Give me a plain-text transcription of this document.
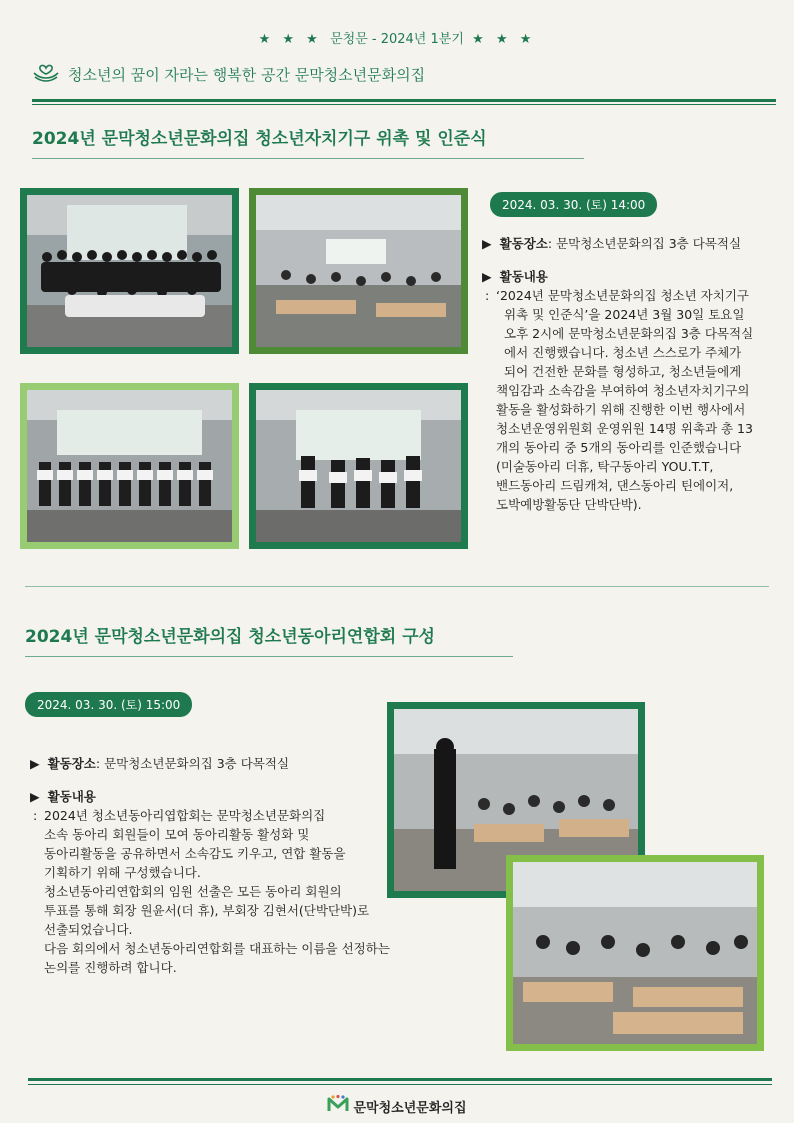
★ ★ ★ 문청문 - 2024년 1분기 ★ ★ ★
청소년의 꿈이 자라는 행복한 공간 문막청소년문화의집
2024년 문막청소년문화의집 청소년자치기구 위촉 및 인준식
2024. 03. 30. (토) 14:00

▶ 활동장소: 문막청소년문화의집 3층 다목적실

▶ 활동내용

: ‘2024년 문막청소년문화의집 청소년 자치기구
위촉 및 인준식’을 2024년 3월 30일 토요일
오후 2시에 문막청소년문화의집 3층 다목적실
에서 진행했습니다. 청소년 스스로가 주체가
되어 건전한 문화를 형성하고, 청소년들에게
책임감과 소속감을 부여하여 청소년자치기구의
활동을 활성화하기 위해 진행한 이번 행사에서
청소년운영위원회 운영위원 14명 위촉과 총 13
개의 동아리 중 5개의 동아리를 인준했습니다
(미술동아리 더휴, 탁구동아리 YOU.T.T,
밴드동아리 드림캐쳐, 댄스동아리 틴에이저,
도박예방활동단 단박단박).
2024년 문막청소년문화의집 청소년동아리연합회 구성
2024. 03. 30. (토) 15:00

▶ 활동장소: 문막청소년문화의집 3층 다목적실

▶ 활동내용

: 2024년 청소년동아리엽합회는 문막청소년문화의집
소속 동아리 회원들이 모여 동아리활동 활성화 및
동아리활동을 공유하면서 소속감도 키우고, 연합 활동을
기획하기 위해 구성했습니다.
청소년동아리연합회의 임원 선출은 모든 동아리 회원의
투표를 통해 회장 원윤서(더 휴), 부회장 김현서(단박단박)로
선출되었습니다.
다음 회의에서 청소년동아리연합회를 대표하는 이름을 선정하는
논의를 진행하려 합니다.
문막청소년문화의집
